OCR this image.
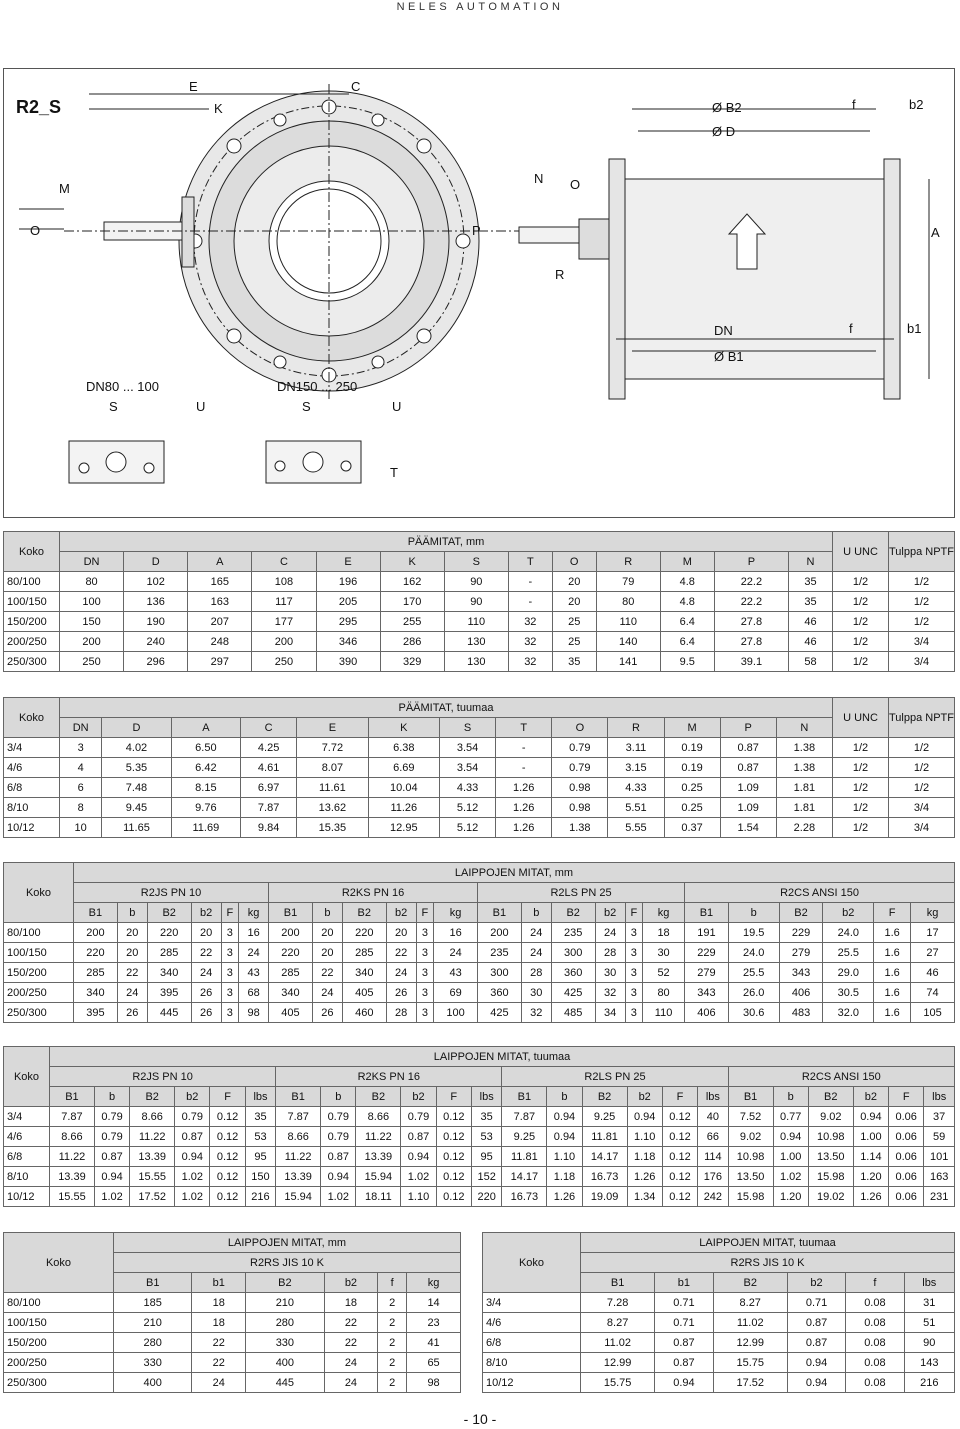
NELES AUTOMATION
R2_S
E	C
K
M
O
N O
P
R
Ø B2
Ø D
f	b2
A
DN	f	b1
Ø B1
DN80 ... 100
S	U
DN150 ... 250
S	U
T
Koko	PÄÄMITAT, mm													U UNC	Tulppa NPTF
	DN	D	A	C	E	K	S	T	O	R	M	P	N		
80/100	80	102	165	108	196	162	90	-	20	79	4.8	22.2	35	1/2	1/2
100/150	100	136	163	117	205	170	90	-	20	80	4.8	22.2	35	1/2	1/2
150/200	150	190	207	177	295	255	110	32	25	110	6.4	27.8	46	1/2	1/2
200/250	200	240	248	200	346	286	130	32	25	140	6.4	27.8	46	1/2	3/4
250/300	250	296	297	250	390	329	130	32	35	141	9.5	39.1	58	1/2	3/4
Koko	PÄÄMITAT, tuumaa													U UNC	Tulppa NPTF
	DN	D	A	C	E	K	S	T	O	R	M	P	N		
3/4	3	4.02	6.50	4.25	7.72	6.38	3.54	-	0.79	3.11	0.19	0.87	1.38	1/2	1/2
4/6	4	5.35	6.42	4.61	8.07	6.69	3.54	-	0.79	3.15	0.19	0.87	1.38	1/2	1/2
6/8	6	7.48	8.15	6.97	11.61	10.04	4.33	1.26	0.98	4.33	0.25	1.09	1.81	1/2	1/2
8/10	8	9.45	9.76	7.87	13.62	11.26	5.12	1.26	0.98	5.51	0.25	1.09	1.81	1/2	3/4
10/12	10	11.65	11.69	9.84	15.35	12.95	5.12	1.26	1.38	5.55	0.37	1.54	2.28	1/2	3/4
Koko	LAIPPOJEN MITAT, mm																							
	R2JS PN 10						R2KS PN 16						R2LS PN 25						R2CS ANSI 150					
	B1	b	B2	b2	F	kg	B1	b	B2	b2	F	kg	B1	b	B2	b2	F	kg	B1	b	B2	b2	F	kg
80/100	200	20	220	20	3	16	200	20	220	20	3	16	200	24	235	24	3	18	191	19.5	229	24.0	1.6	17
100/150	220	20	285	22	3	24	220	20	285	22	3	24	235	24	300	28	3	30	229	24.0	279	25.5	1.6	27
150/200	285	22	340	24	3	43	285	22	340	24	3	43	300	28	360	30	3	52	279	25.5	343	29.0	1.6	46
200/250	340	24	395	26	3	68	340	24	405	26	3	69	360	30	425	32	3	80	343	26.0	406	30.5	1.6	74
250/300	395	26	445	26	3	98	405	26	460	28	3	100	425	32	485	34	3	110	406	30.6	483	32.0	1.6	105
Koko	LAIPPOJEN MITAT, tuumaa																							
	R2JS PN 10						R2KS PN 16						R2LS PN 25						R2CS ANSI 150					
	B1	b	B2	b2	F	lbs	B1	b	B2	b2	F	lbs	B1	b	B2	b2	F	lbs	B1	b	B2	b2	F	lbs
3/4	7.87	0.79	8.66	0.79	0.12	35	7.87	0.79	8.66	0.79	0.12	35	7.87	0.94	9.25	0.94	0.12	40	7.52	0.77	9.02	0.94	0.06	37
4/6	8.66	0.79	11.22	0.87	0.12	53	8.66	0.79	11.22	0.87	0.12	53	9.25	0.94	11.81	1.10	0.12	66	9.02	0.94	10.98	1.00	0.06	59
6/8	11.22	0.87	13.39	0.94	0.12	95	11.22	0.87	13.39	0.94	0.12	95	11.81	1.10	14.17	1.18	0.12	114	10.98	1.00	13.50	1.14	0.06	101
8/10	13.39	0.94	15.55	1.02	0.12	150	13.39	0.94	15.94	1.02	0.12	152	14.17	1.18	16.73	1.26	0.12	176	13.50	1.02	15.98	1.20	0.06	163
10/12	15.55	1.02	17.52	1.02	0.12	216	15.94	1.02	18.11	1.10	0.12	220	16.73	1.26	19.09	1.34	0.12	242	15.98	1.20	19.02	1.26	0.06	231
Koko	LAIPPOJEN MITAT, mm					
	R2RS JIS 10 K					
	B1	b1	B2	b2	f	kg
80/100	185	18	210	18	2	14
100/150	210	18	280	22	2	23
150/200	280	22	330	22	2	41
200/250	330	22	400	24	2	65
250/300	400	24	445	24	2	98
Koko	LAIPPOJEN MITAT, tuumaa					
	R2RS JIS 10 K					
	B1	b1	B2	b2	f	lbs
3/4	7.28	0.71	8.27	0.71	0.08	31
4/6	8.27	0.71	11.02	0.87	0.08	51
6/8	11.02	0.87	12.99	0.87	0.08	90
8/10	12.99	0.87	15.75	0.94	0.08	143
10/12	15.75	0.94	17.52	0.94	0.08	216
- 10 -
